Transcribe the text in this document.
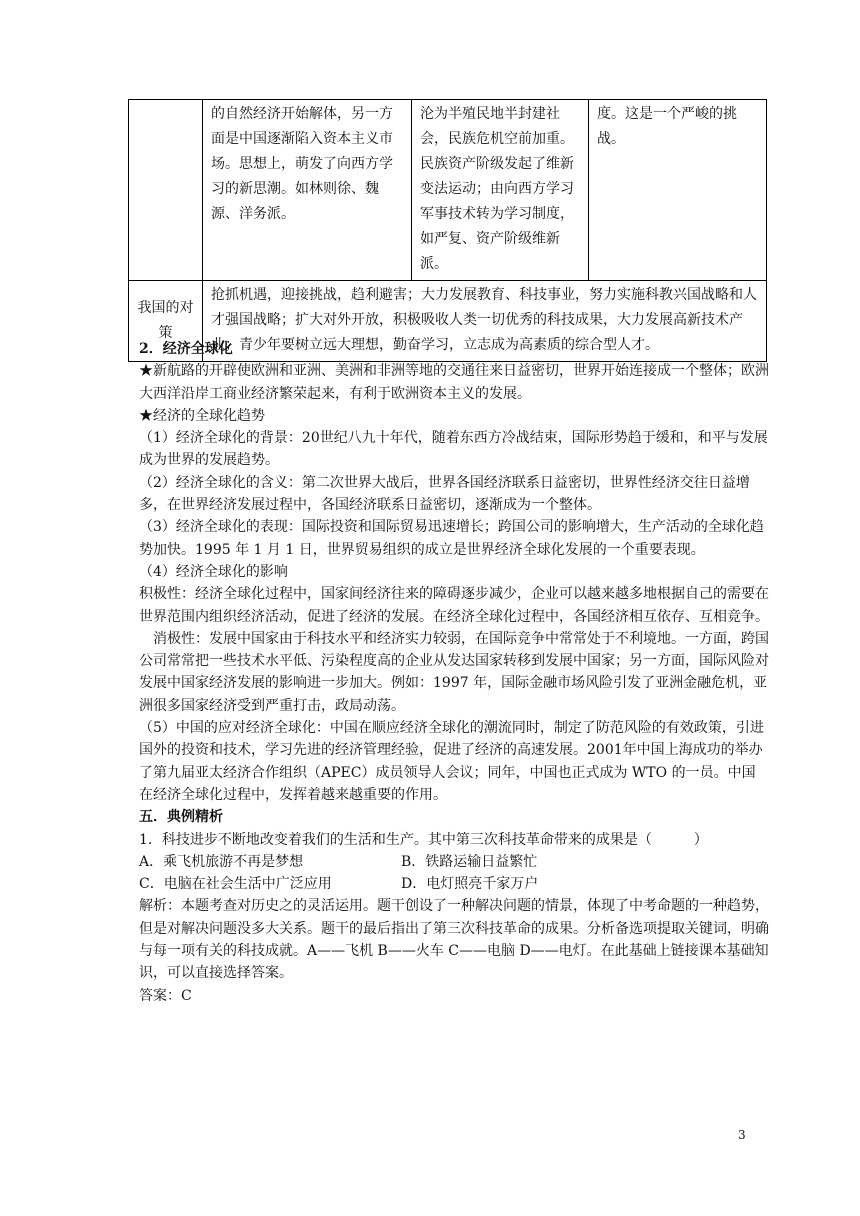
	的自然经济开始解体，另一方面是中国逐渐陷入资本主义市场。思想上，萌发了向西方学习的新思潮。如林则徐、魏源、洋务派。	沦为半殖民地半封建社会，民族危机空前加重。民族资产阶级发起了维新变法运动；由向西方学习军事技术转为学习制度，如严复、资产阶级维新派。	度。这是一个严峻的挑战。
我国的对策	抢抓机遇，迎接挑战，趋利避害；大力发展教育、科技事业，努力实施科教兴国战略和人才强国战略；扩大对外开放，积极吸收人类一切优秀的科技成果，大力发展高新技术产业；青少年要树立远大理想，勤奋学习，立志成为高素质的综合型人才。		

2．经济全球化

★新航路的开辟使欧洲和亚洲、美洲和非洲等地的交通往来日益密切，世界开始连接成一个整体；欧洲大西洋沿岸工商业经济繁荣起来，有利于欧洲资本主义的发展。

★经济的全球化趋势

（1）经济全球化的背景：20世纪八九十年代，随着东西方冷战结束，国际形势趋于缓和，和平与发展成为世界的发展趋势。

（2）经济全球化的含义：第二次世界大战后，世界各国经济联系日益密切，世界性经济交往日益增多，在世界经济发展过程中，各国经济联系日益密切，逐渐成为一个整体。

（3）经济全球化的表现：国际投资和国际贸易迅速增长；跨国公司的影响增大，生产活动的全球化趋势加快。1995 年 1 月 1 日，世界贸易组织的成立是世界经济全球化发展的一个重要表现。

（4）经济全球化的影响

积极性：经济全球化过程中，国家间经济往来的障碍逐步减少，企业可以越来越多地根据自己的需要在世界范围内组织经济活动，促进了经济的发展。在经济全球化过程中，各国经济相互依存、互相竞争。

消极性：发展中国家由于科技水平和经济实力较弱，在国际竞争中常常处于不利境地。一方面，跨国公司常常把一些技术水平低、污染程度高的企业从发达国家转移到发展中国家；另一方面，国际风险对发展中国家经济发展的影响进一步加大。例如：1997 年，国际金融市场风险引发了亚洲金融危机，亚洲很多国家经济受到严重打击，政局动荡。

（5）中国的应对经济全球化：中国在顺应经济全球化的潮流同时，制定了防范风险的有效政策，引进国外的投资和技术，学习先进的经济管理经验，促进了经济的高速发展。2001年中国上海成功的举办了第九届亚太经济合作组织（APEC）成员领导人会议；同年，中国也正式成为 WTO 的一员。中国在经济全球化过程中，发挥着越来越重要的作用。

五．典例精析

1．科技进步不断地改变着我们的生活和生产。其中第三次科技革命带来的成果是（　　　）

A．乘飞机旅游不再是梦想	B．铁路运输日益繁忙
C．电脑在社会生活中广泛应用	D．电灯照亮千家万户

解析：本题考查对历史之的灵活运用。题干创设了一种解决问题的情景，体现了中考命题的一种趋势，但是对解决问题没多大关系。题干的最后指出了第三次科技革命的成果。分析备选项提取关键词，明确与每一项有关的科技成就。A——飞机 B——火车 C——电脑 D——电灯。在此基础上链接课本基础知识，可以直接选择答案。

答案：C

3
